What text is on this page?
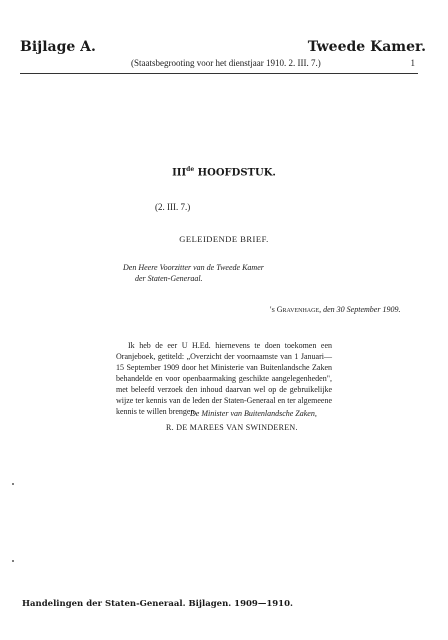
Bijlage A.	Tweede Kamer.
(Staatsbegrooting voor het dienstjaar 1910. 2. III. 7.)	1
IIIde HOOFDSTUK.
(2. III. 7.)
GELEIDENDE BRIEF.
Den Heere Voorzitter van de Tweede Kamer
der Staten-Generaal.
's Gravenhage, den 30 September 1909.

Ik heb de eer U H.Ed. hiernevens te doen toekomen een Oranjeboek, getiteld: „Overzicht der voornaamste van 1 Januari—15 September 1909 door het Ministerie van Buitenlandsche Zaken behandelde en voor openbaarmaking geschikte aangelegenheden", met beleefd verzoek den inhoud daarvan wel op de gebruikelijke wijze ter kennis van de leden der Staten-Generaal en ter algemeene kennis te willen brengen.

De Minister van Buitenlandsche Zaken,
R. DE MAREES VAN SWINDEREN.
Handelingen der Staten-Generaal. Bijlagen. 1909—1910.
